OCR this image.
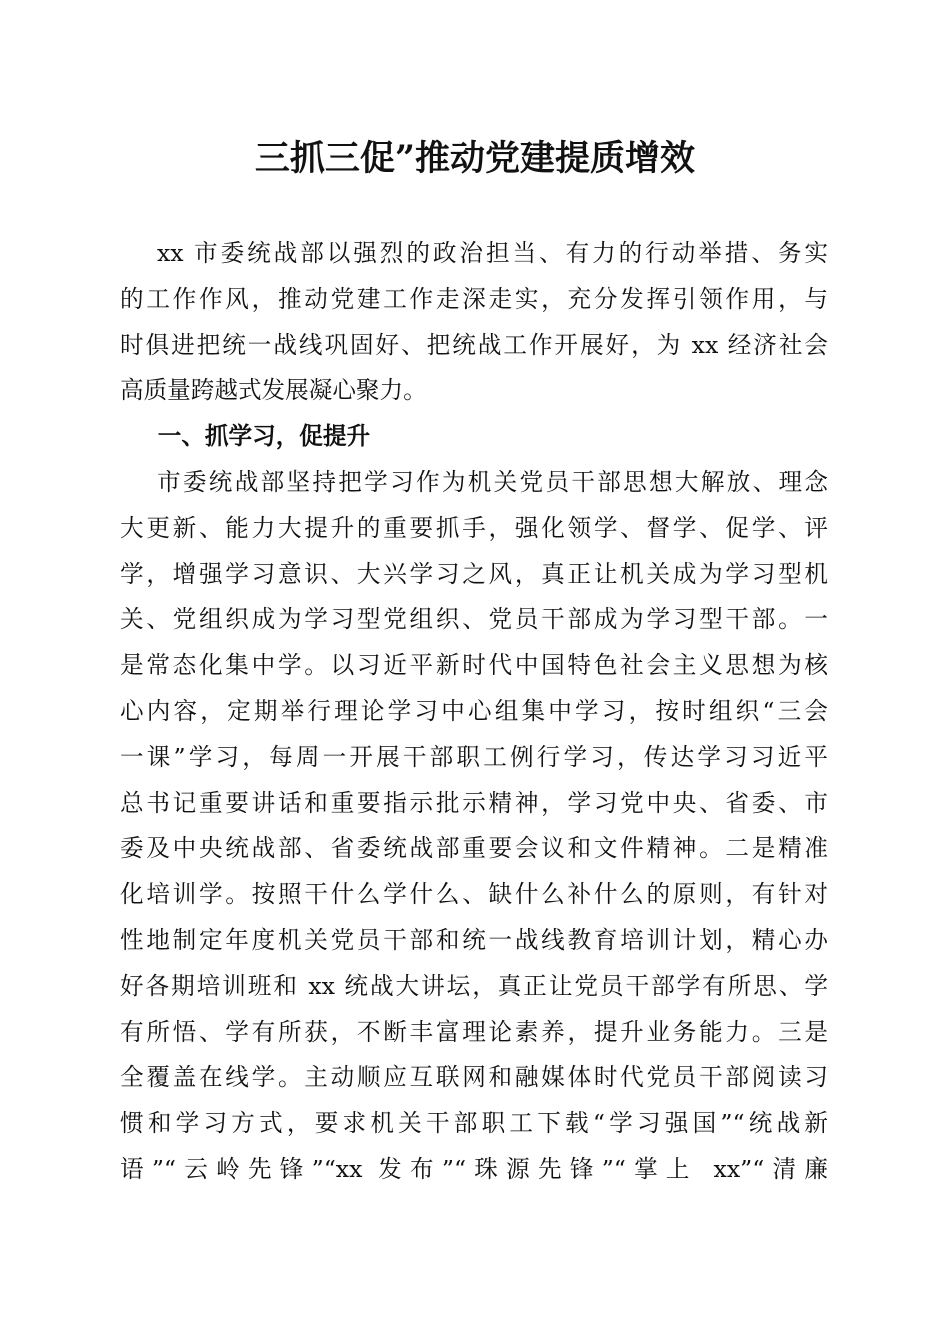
三抓三促”推动党建提质增效
xx 市委统战部以强烈的政治担当、有力的行动举措、务实
的工作作风，推动党建工作走深走实，充分发挥引领作用，与
时俱进把统一战线巩固好、把统战工作开展好，为 xx 经济社会
高质量跨越式发展凝心聚力。
一、抓学习，促提升
市委统战部坚持把学习作为机关党员干部思想大解放、理念
大更新、能力大提升的重要抓手，强化领学、督学、促学、评
学，增强学习意识、大兴学习之风，真正让机关成为学习型机
关、党组织成为学习型党组织、党员干部成为学习型干部。一
是常态化集中学。以习近平新时代中国特色社会主义思想为核
心内容，定期举行理论学习中心组集中学习，按时组织“三会
一课”学习，每周一开展干部职工例行学习，传达学习习近平
总书记重要讲话和重要指示批示精神，学习党中央、省委、市
委及中央统战部、省委统战部重要会议和文件精神。二是精准
化培训学。按照干什么学什么、缺什么补什么的原则，有针对
性地制定年度机关党员干部和统一战线教育培训计划，精心办
好各期培训班和 xx 统战大讲坛，真正让党员干部学有所思、学
有所悟、学有所获，不断丰富理论素养，提升业务能力。三是
全覆盖在线学。主动顺应互联网和融媒体时代党员干部阅读习
惯和学习方式，要求机关干部职工下载“学习强国”“统战新
语”“云岭先锋”“xx 发布”“珠源先锋”“掌上 xx”“清廉
